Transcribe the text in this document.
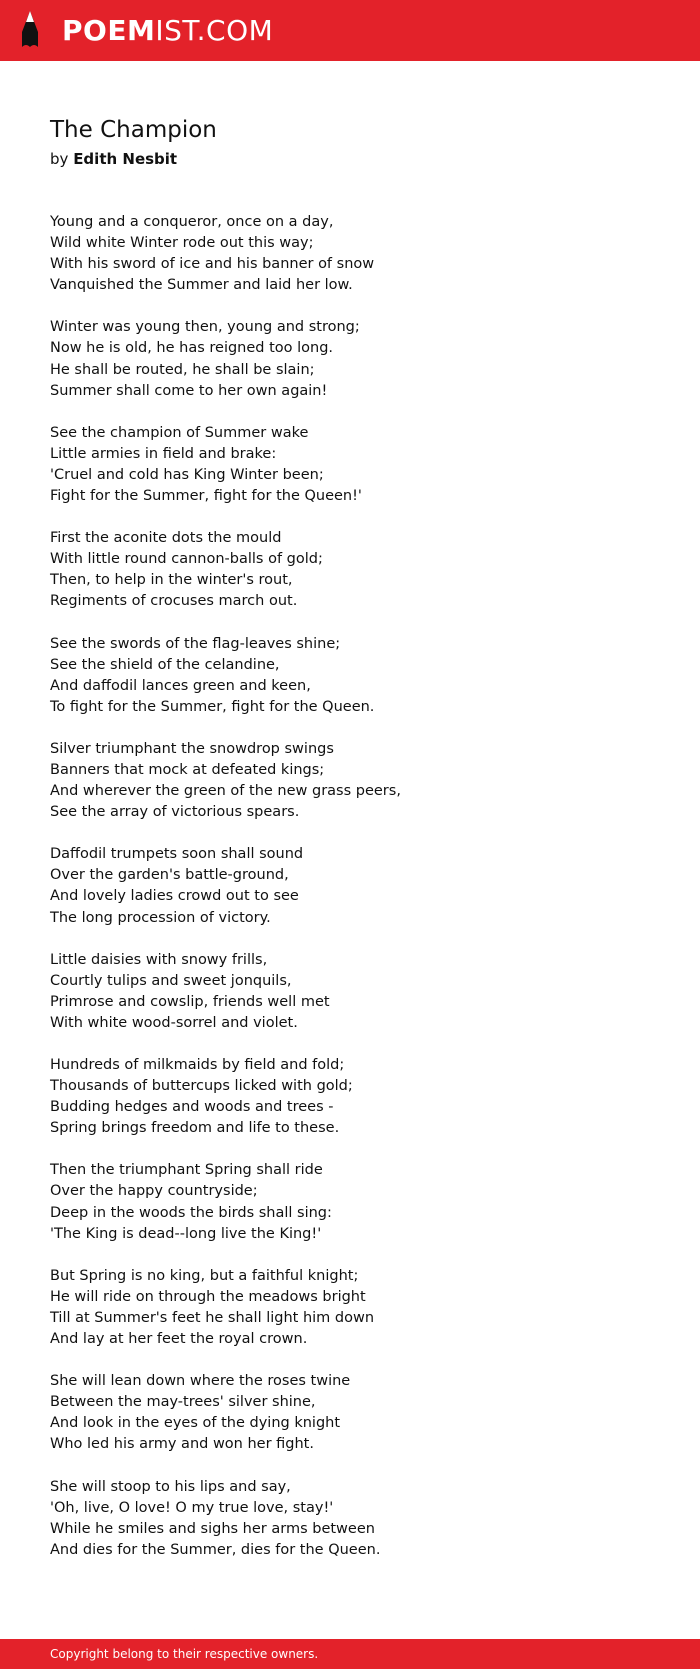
POEM IST.COM
The Champion

by Edith Nesbit

Young and a conqueror, once on a day,
Wild white Winter rode out this way;
With his sword of ice and his banner of snow
Vanquished the Summer and laid her low.
Winter was young then, young and strong;
Now he is old, he has reigned too long.
He shall be routed, he shall be slain;
Summer shall come to her own again!
See the champion of Summer wake
Little armies in field and brake:
'Cruel and cold has King Winter been;
Fight for the Summer, fight for the Queen!'
First the aconite dots the mould
With little round cannon-balls of gold;
Then, to help in the winter's rout,
Regiments of crocuses march out.
See the swords of the flag-leaves shine;
See the shield of the celandine,
And daffodil lances green and keen,
To fight for the Summer, fight for the Queen.
Silver triumphant the snowdrop swings
Banners that mock at defeated kings;
And wherever the green of the new grass peers,
See the array of victorious spears.
Daffodil trumpets soon shall sound
Over the garden's battle-ground,
And lovely ladies crowd out to see
The long procession of victory.
Little daisies with snowy frills,
Courtly tulips and sweet jonquils,
Primrose and cowslip, friends well met
With white wood-sorrel and violet.
Hundreds of milkmaids by field and fold;
Thousands of buttercups licked with gold;
Budding hedges and woods and trees -
Spring brings freedom and life to these.
Then the triumphant Spring shall ride
Over the happy countryside;
Deep in the woods the birds shall sing:
'The King is dead--long live the King!'
But Spring is no king, but a faithful knight;
He will ride on through the meadows bright
Till at Summer's feet he shall light him down
And lay at her feet the royal crown.
She will lean down where the roses twine
Between the may-trees' silver shine,
And look in the eyes of the dying knight
Who led his army and won her fight.
She will stoop to his lips and say,
'Oh, live, O love! O my true love, stay!'
While he smiles and sighs her arms between
And dies for the Summer, dies for the Queen.
Copyright belong to their respective owners.
